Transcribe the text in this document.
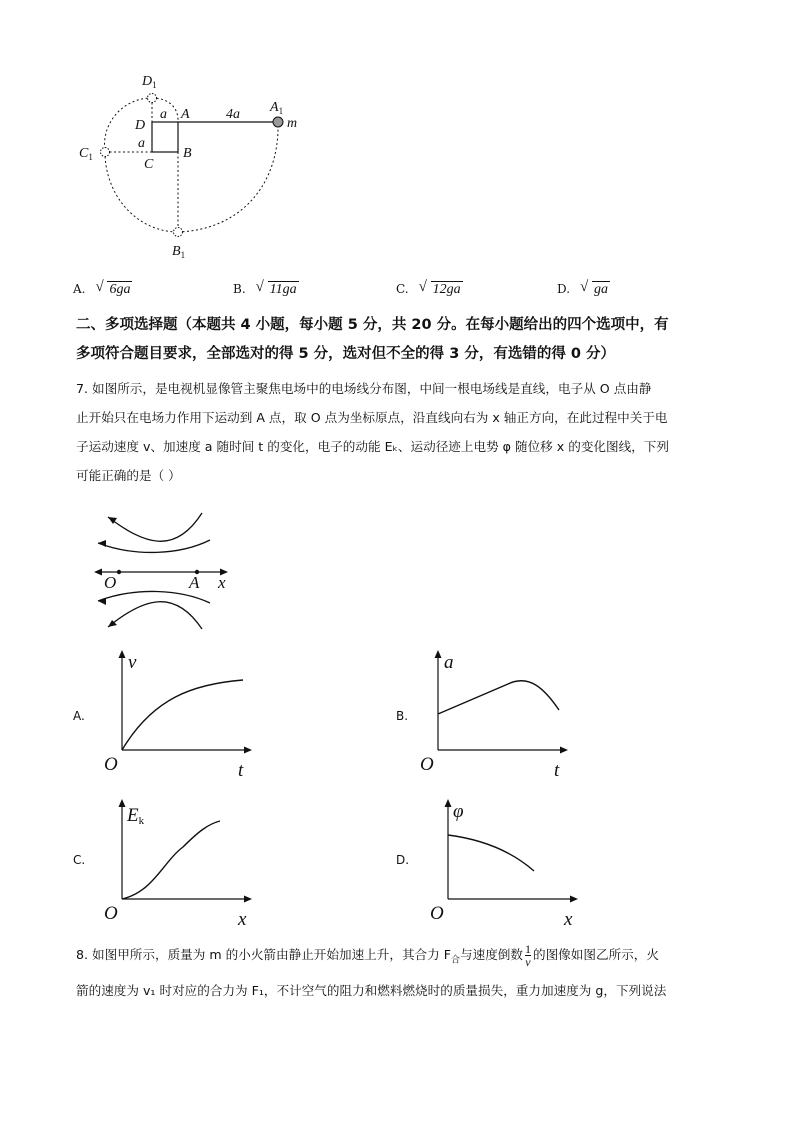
$D_1$
$A_1$
$C_1$
$B_1$
A
D
C
B
a
a
4a
m
A. √ 6ga	B. √ 11ga	C. √ 12ga	D. √ ga
二、多项选择题（本题共 4 小题，每小题 5 分，共 20 分。在每小题给出的四个选项中，有
多项符合题目要求，全部选对的得 5 分，选对但不全的得 3 分，有选错的得 0 分）
7. 如图所示，是电视机显像管主聚焦电场中的电场线分布图，中间一根电场线是直线，电子从 O 点由静
止开始只在电场力作用下运动到 A 点，取 O 点为坐标原点，沿直线向右为 x 轴正方向，在此过程中关于电
子运动速度 v、加速度 a 随时间 t 的变化，电子的动能 Eₖ、运动径迹上电势 φ 随位移 x 的变化图线，下列
可能正确的是（ ）
O	A x
A.
v
O	t
B.
a
O	t
C.
Ek
O	x
D.
φ
O	x
8. 如图甲所示，质量为 m 的小火箭由静止开始加速上升，其合力 $F_合$与速度倒数 $\frac{1}{v}$ 的图像如图乙所示，火
箭的速度为 v₁ 时对应的合力为 F₁，不计空气的阻力和燃料燃烧时的质量损失，重力加速度为 g，下列说法
